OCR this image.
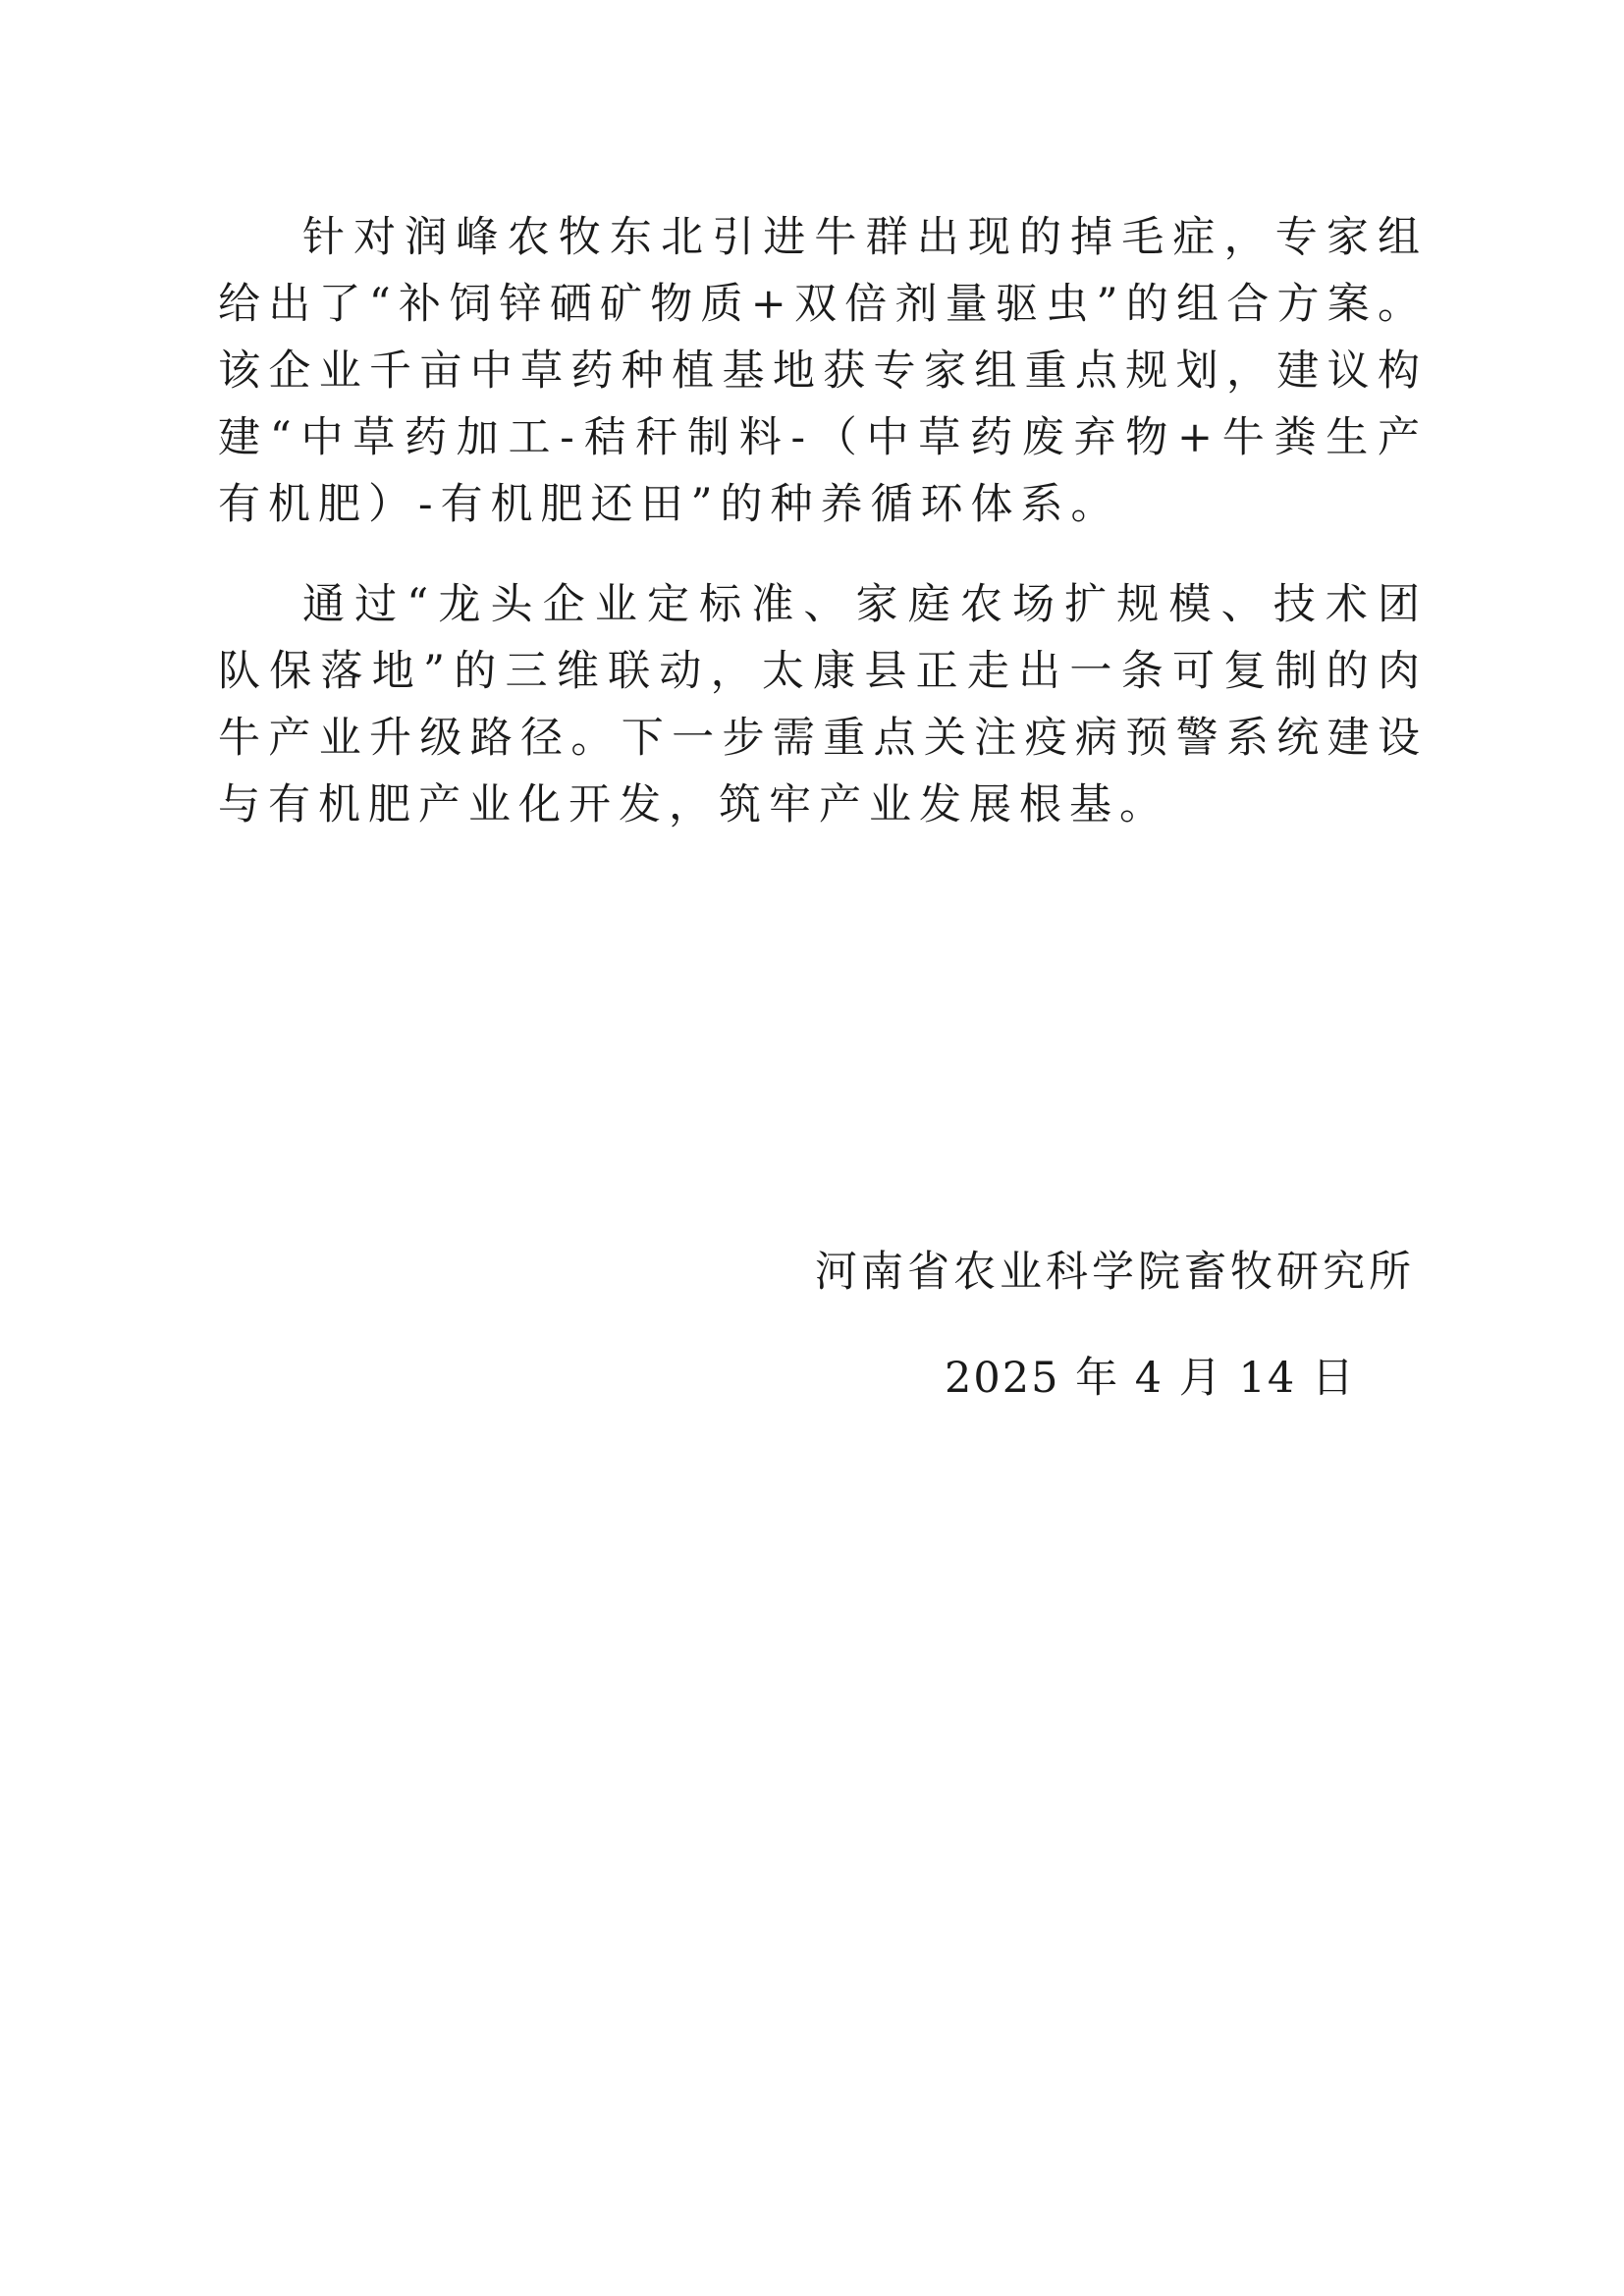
针对润峰农牧东北引进牛群出现的掉毛症，专家组给出了“补饲锌硒矿物质+双倍剂量驱虫”的组合方案。该企业千亩中草药种植基地获专家组重点规划，建议构建“中草药加工-秸秆制料-（中草药废弃物+牛粪生产有机肥）-有机肥还田”的种养循环体系。

通过“龙头企业定标准、家庭农场扩规模、技术团队保落地”的三维联动，太康县正走出一条可复制的肉牛产业升级路径。下一步需重点关注疫病预警系统建设与有机肥产业化开发，筑牢产业发展根基。

河南省农业科学院畜牧研究所
2025 年 4 月 14 日
